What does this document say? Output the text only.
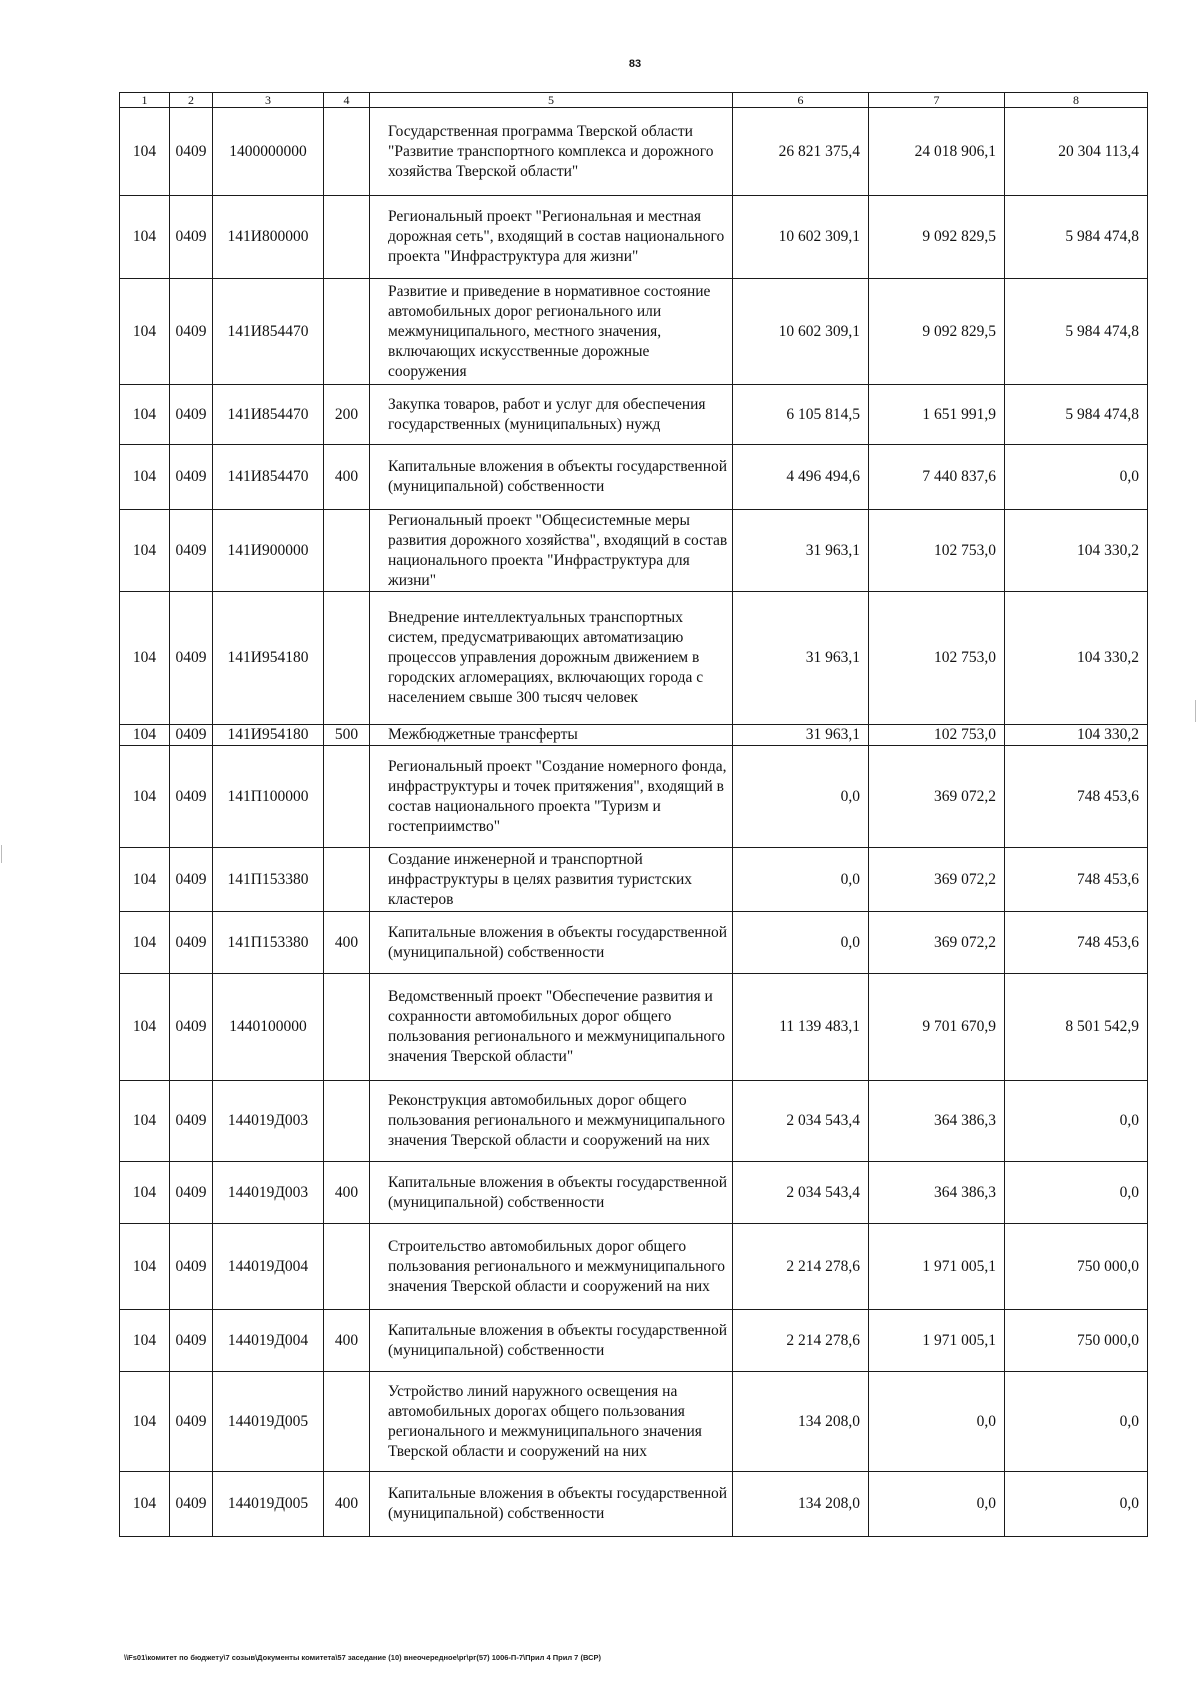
83
1	2	3	4	5	6	7	8
104	0409	1400000000		Государственная программа Тверской области "Развитие транспортного комплекса и дорожного хозяйства Тверской области"	26 821 375,4	24 018 906,1	20 304 113,4
104	0409	141И800000		Региональный проект "Региональная и местная дорожная сеть", входящий в состав национального проекта "Инфраструктура для жизни"	10 602 309,1	9 092 829,5	5 984 474,8
104	0409	141И854470		Развитие и приведение в нормативное состояние автомобильных дорог регионального или межмуниципального, местного значения, включающих искусственные дорожные сооружения	10 602 309,1	9 092 829,5	5 984 474,8
104	0409	141И854470	200	Закупка товаров, работ и услуг для обеспечения государственных (муниципальных) нужд	6 105 814,5	1 651 991,9	5 984 474,8
104	0409	141И854470	400	Капитальные вложения в объекты государственной (муниципальной) собственности	4 496 494,6	7 440 837,6	0,0
104	0409	141И900000		Региональный проект "Общесистемные меры развития дорожного хозяйства", входящий в состав национального проекта "Инфраструктура для жизни"	31 963,1	102 753,0	104 330,2
104	0409	141И954180		Внедрение интеллектуальных транспортных систем, предусматривающих автоматизацию процессов управления дорожным движением в городских агломерациях, включающих города с населением свыше 300 тысяч человек	31 963,1	102 753,0	104 330,2
104	0409	141И954180	500	Межбюджетные трансферты	31 963,1	102 753,0	104 330,2
104	0409	141П100000		Региональный проект "Создание номерного фонда, инфраструктуры и точек притяжения", входящий в состав национального проекта "Туризм и гостеприимство"	0,0	369 072,2	748 453,6
104	0409	141П153380		Создание инженерной и транспортной инфраструктуры в целях развития туристских кластеров	0,0	369 072,2	748 453,6
104	0409	141П153380	400	Капитальные вложения в объекты государственной (муниципальной) собственности	0,0	369 072,2	748 453,6
104	0409	1440100000		Ведомственный проект "Обеспечение развития и сохранности автомобильных дорог общего пользования регионального и межмуниципального значения Тверской области"	11 139 483,1	9 701 670,9	8 501 542,9
104	0409	144019Д003		Реконструкция автомобильных дорог общего пользования регионального и межмуниципального значения Тверской области и сооружений на них	2 034 543,4	364 386,3	0,0
104	0409	144019Д003	400	Капитальные вложения в объекты государственной (муниципальной) собственности	2 034 543,4	364 386,3	0,0
104	0409	144019Д004		Строительство автомобильных дорог общего пользования регионального и межмуниципального значения Тверской области и сооружений на них	2 214 278,6	1 971 005,1	750 000,0
104	0409	144019Д004	400	Капитальные вложения в объекты государственной (муниципальной) собственности	2 214 278,6	1 971 005,1	750 000,0
104	0409	144019Д005		Устройство линий наружного освещения на автомобильных дорогах общего пользования регионального и межмуниципального значения Тверской области и сооружений на них	134 208,0	0,0	0,0
104	0409	144019Д005	400	Капитальные вложения в объекты государственной (муниципальной) собственности	134 208,0	0,0	0,0
\\Fs01\комитет по бюджету\7 созыв\Документы комитета\57 заседание (10) внеочередное\рг\рг(57) 1006-П-7\Прил 4 Прил 7 (ВСР)
